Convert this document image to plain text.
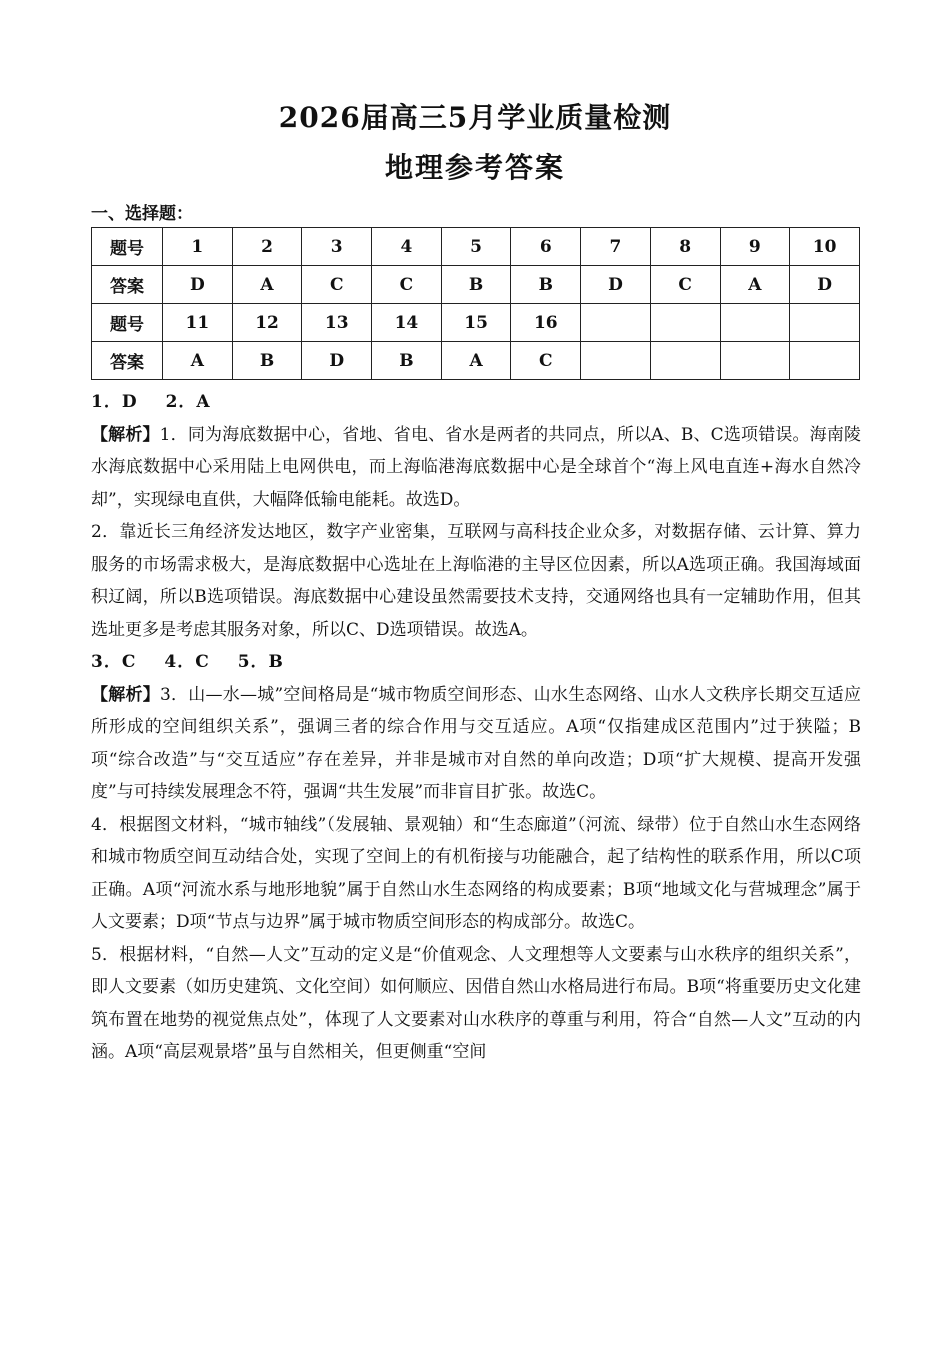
2026届高三5月学业质量检测
地理参考答案
一、选择题：
题号	1	2	3	4	5	6	7	8	9	10
答案	D	A	C	C	B	B	D	C	A	D
题号	11	12	13	14	15	16				
答案	A	B	D	B	A	C				

1．D 2．A

【解析】1．同为海底数据中心，省地、省电、省水是两者的共同点，所以A、B、C选项错误。海南陵水海底数据中心采用陆上电网供电，而上海临港海底数据中心是全球首个“海上风电直连+海水自然冷却”，实现绿电直供，大幅降低输电能耗。故选D。

2．靠近长三角经济发达地区，数字产业密集，互联网与高科技企业众多，对数据存储、云计算、算力服务的市场需求极大，是海底数据中心选址在上海临港的主导区位因素，所以A选项正确。我国海域面积辽阔，所以B选项错误。海底数据中心建设虽然需要技术支持，交通网络也具有一定辅助作用，但其选址更多是考虑其服务对象，所以C、D选项错误。故选A。

3．C 4．C 5．B

【解析】3．山—水—城”空间格局是“城市物质空间形态、山水生态网络、山水人文秩序长期交互适应所形成的空间组织关系”，强调三者的综合作用与交互适应。A项“仅指建成区范围内”过于狭隘；B项“综合改造”与“交互适应”存在差异，并非是城市对自然的单向改造；D项“扩大规模、提高开发强度”与可持续发展理念不符，强调“共生发展”而非盲目扩张。故选C。

4．根据图文材料，“城市轴线”（发展轴、景观轴）和“生态廊道”（河流、绿带）位于自然山水生态网络和城市物质空间互动结合处，实现了空间上的有机衔接与功能融合，起了结构性的联系作用，所以C项正确。A项“河流水系与地形地貌”属于自然山水生态网络的构成要素；B项“地域文化与营城理念”属于人文要素；D项“节点与边界”属于城市物质空间形态的构成部分。故选C。

5．根据材料，“自然—人文”互动的定义是“价值观念、人文理想等人文要素与山水秩序的组织关系”，即人文要素（如历史建筑、文化空间）如何顺应、因借自然山水格局进行布局。B项“将重要历史文化建筑布置在地势的视觉焦点处”，体现了人文要素对山水秩序的尊重与利用，符合“自然—人文”互动的内涵。A项“高层观景塔”虽与自然相关，但更侧重“空间
